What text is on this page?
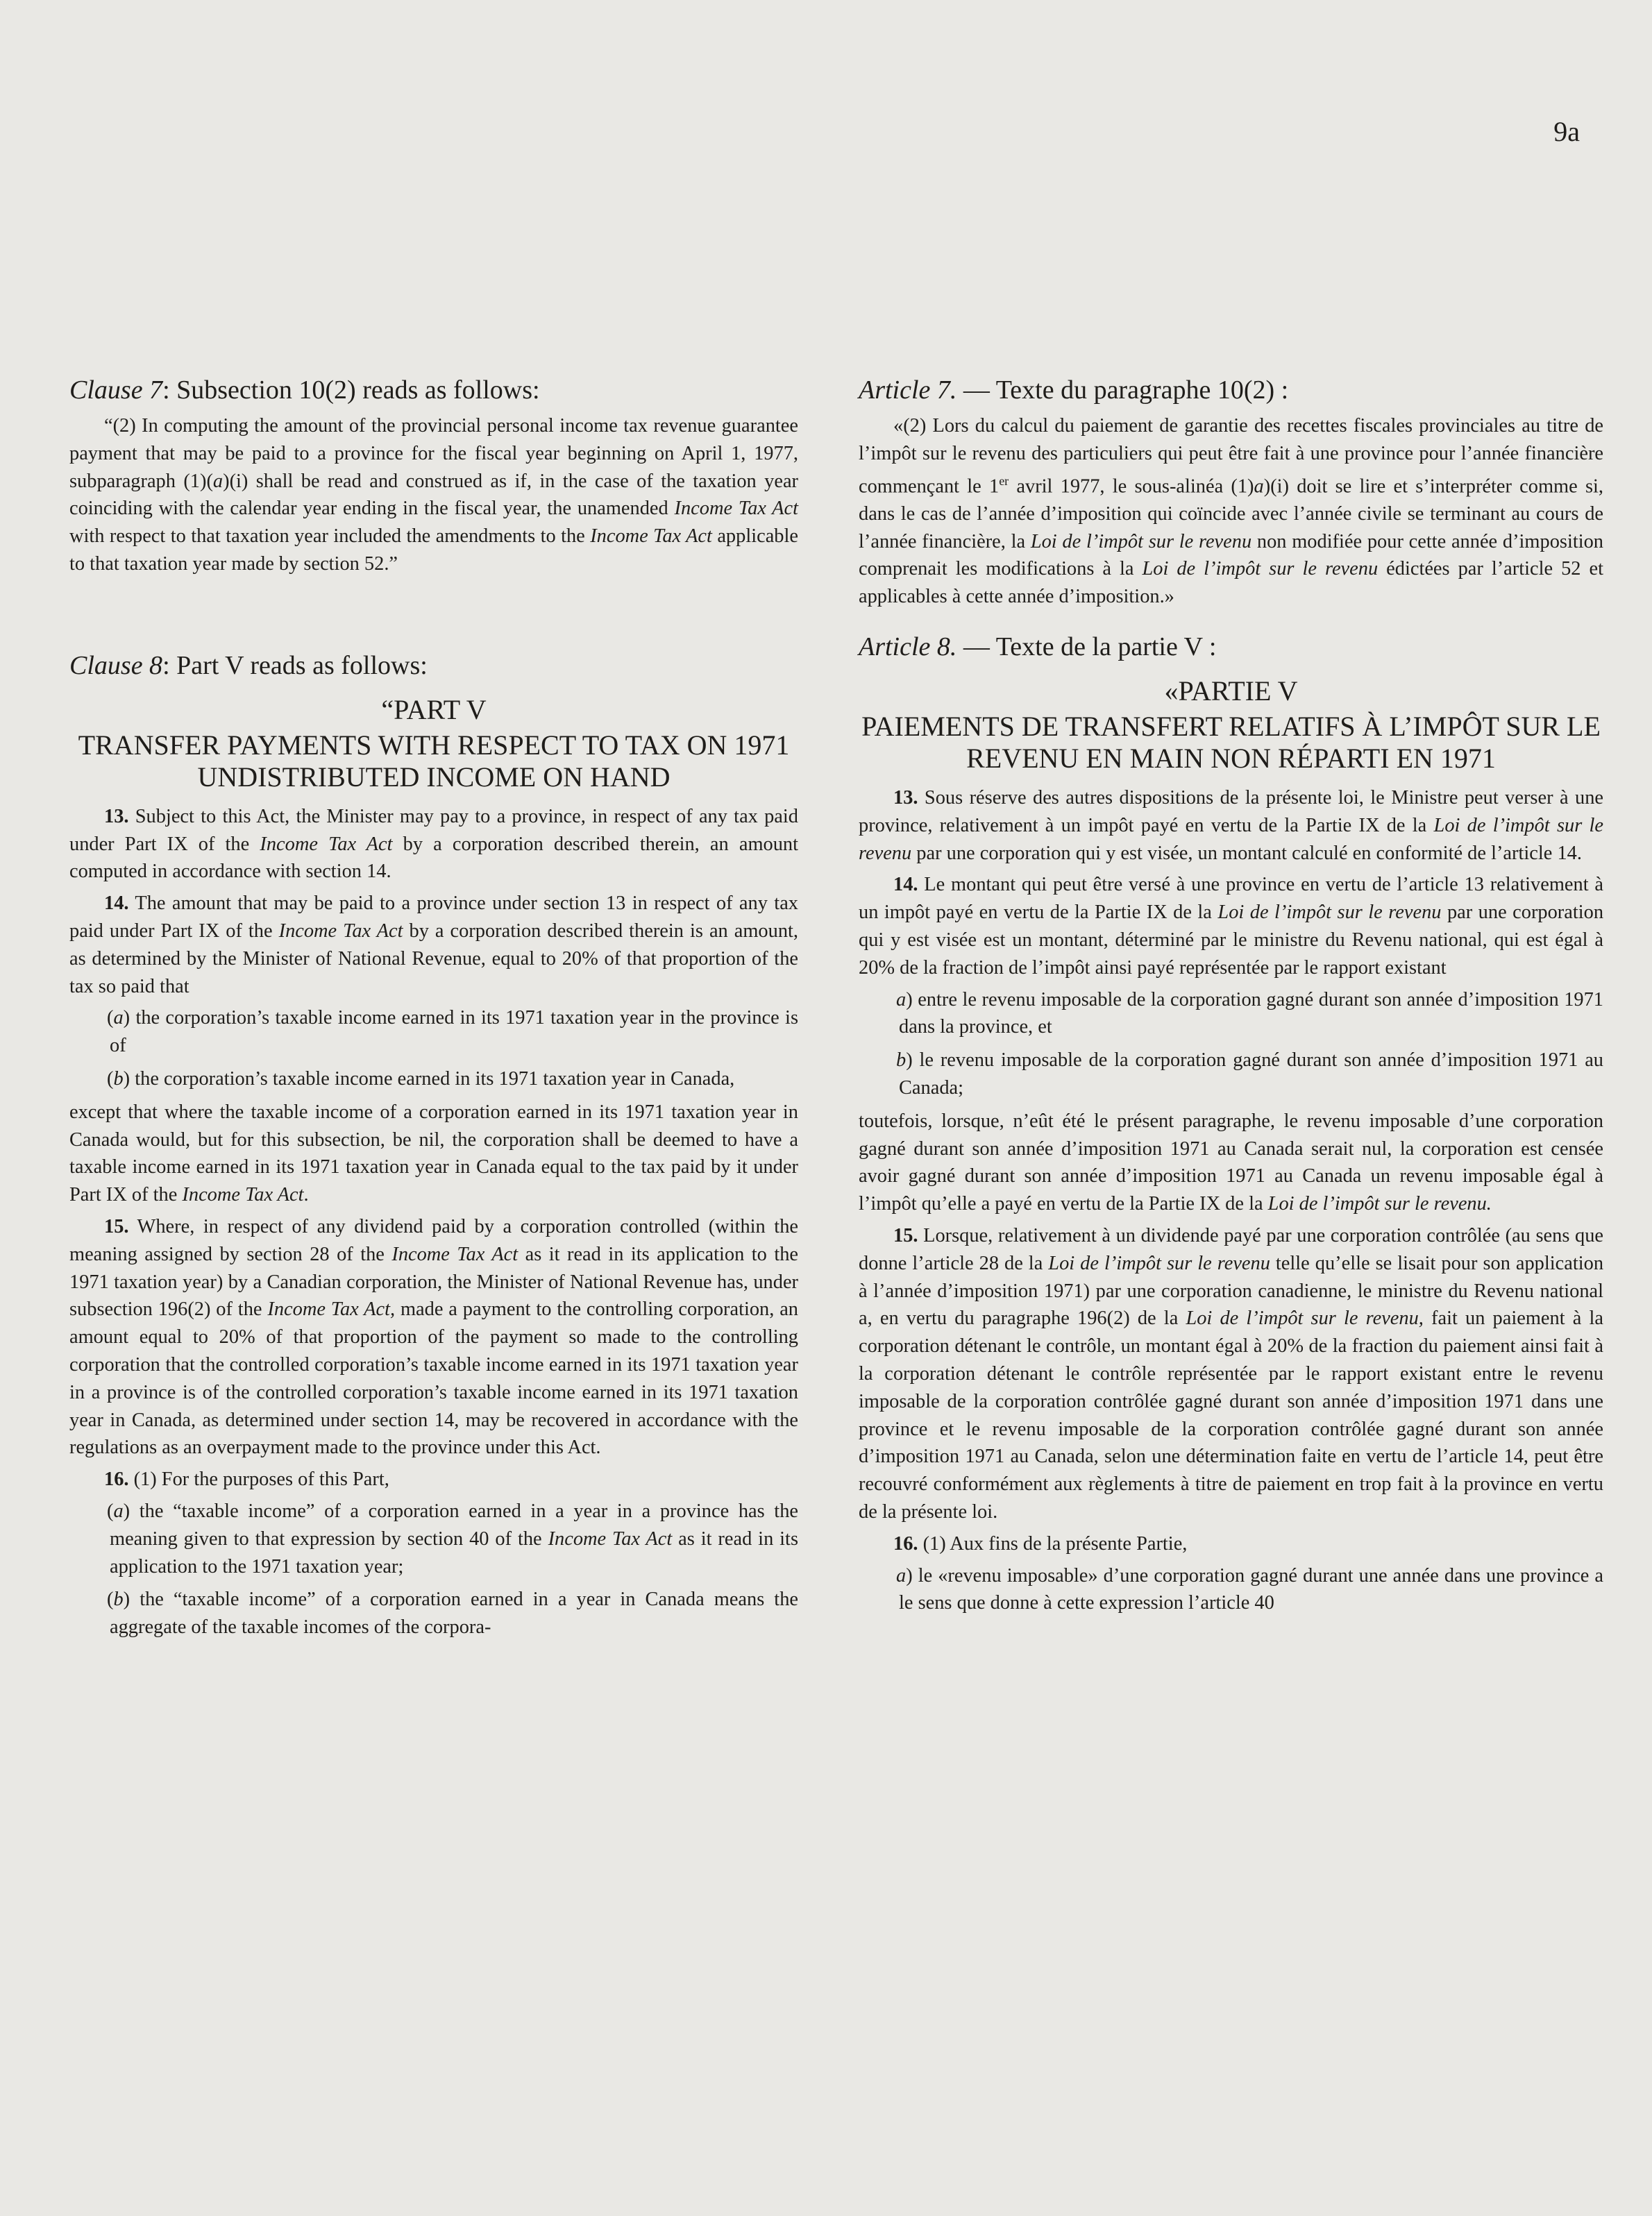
9a
Clause 7: Subsection 10(2) reads as follows:

“(2) In computing the amount of the provincial personal income tax revenue guarantee payment that may be paid to a province for the fiscal year beginning on April 1, 1977, subparagraph (1)(a)(i) shall be read and construed as if, in the case of the taxation year coinciding with the calendar year ending in the fiscal year, the unamended Income Tax Act with respect to that taxation year included the amendments to the Income Tax Act applicable to that taxation year made by section 52.”

Clause 8: Part V reads as follows:
“PART V
TRANSFER PAYMENTS WITH RESPECT TO TAX ON 1971 UNDISTRIBUTED INCOME ON HAND

13. Subject to this Act, the Minister may pay to a province, in respect of any tax paid under Part IX of the Income Tax Act by a corporation described therein, an amount computed in accordance with section 14.

14. The amount that may be paid to a province under section 13 in respect of any tax paid under Part IX of the Income Tax Act by a corporation described therein is an amount, as determined by the Minister of National Revenue, equal to 20% of that proportion of the tax so paid that

(a) the corporation’s taxable income earned in its 1971 taxation year in the province is of

(b) the corporation’s taxable income earned in its 1971 taxation year in Canada,

except that where the taxable income of a corporation earned in its 1971 taxation year in Canada would, but for this subsection, be nil, the corporation shall be deemed to have a taxable income earned in its 1971 taxation year in Canada equal to the tax paid by it under Part IX of the Income Tax Act.

15. Where, in respect of any dividend paid by a corporation controlled (within the meaning assigned by section 28 of the Income Tax Act as it read in its application to the 1971 taxation year) by a Canadian corporation, the Minister of National Revenue has, under subsection 196(2) of the Income Tax Act, made a payment to the controlling corporation, an amount equal to 20% of that proportion of the payment so made to the controlling corporation that the controlled corporation’s taxable income earned in its 1971 taxation year in a province is of the controlled corporation’s taxable income earned in its 1971 taxation year in Canada, as determined under section 14, may be recovered in accordance with the regulations as an overpayment made to the province under this Act.

16. (1) For the purposes of this Part,

(a) the “taxable income” of a corporation earned in a year in a province has the meaning given to that expression by section 40 of the Income Tax Act as it read in its application to the 1971 taxation year;

(b) the “taxable income” of a corporation earned in a year in Canada means the aggregate of the taxable incomes of the corpora-

Article 7. — Texte du paragraphe 10(2) :

«(2) Lors du calcul du paiement de garantie des recettes fiscales provinciales au titre de l’impôt sur le revenu des particuliers qui peut être fait à une province pour l’année financière commençant le 1er avril 1977, le sous-alinéa (1)a)(i) doit se lire et s’interpréter comme si, dans le cas de l’année d’imposition qui coïncide avec l’année civile se terminant au cours de l’année financière, la Loi de l’impôt sur le revenu non modifiée pour cette année d’imposition comprenait les modifications à la Loi de l’impôt sur le revenu édictées par l’article 52 et applicables à cette année d’imposition.»

Article 8. — Texte de la partie V :
«PARTIE V
PAIEMENTS DE TRANSFERT RELATIFS À L’IMPÔT SUR LE REVENU EN MAIN NON RÉPARTI EN 1971

13. Sous réserve des autres dispositions de la présente loi, le Ministre peut verser à une province, relativement à un impôt payé en vertu de la Partie IX de la Loi de l’impôt sur le revenu par une corporation qui y est visée, un montant calculé en conformité de l’article 14.

14. Le montant qui peut être versé à une province en vertu de l’article 13 relativement à un impôt payé en vertu de la Partie IX de la Loi de l’impôt sur le revenu par une corporation qui y est visée est un montant, déterminé par le ministre du Revenu national, qui est égal à 20% de la fraction de l’impôt ainsi payé représentée par le rapport existant

a) entre le revenu imposable de la corporation gagné durant son année d’imposition 1971 dans la province, et

b) le revenu imposable de la corporation gagné durant son année d’imposition 1971 au Canada;

toutefois, lorsque, n’eût été le présent paragraphe, le revenu imposable d’une corporation gagné durant son année d’imposition 1971 au Canada serait nul, la corporation est censée avoir gagné durant son année d’imposition 1971 au Canada un revenu imposable égal à l’impôt qu’elle a payé en vertu de la Partie IX de la Loi de l’impôt sur le revenu.

15. Lorsque, relativement à un dividende payé par une corporation contrôlée (au sens que donne l’article 28 de la Loi de l’impôt sur le revenu telle qu’elle se lisait pour son application à l’année d’imposition 1971) par une corporation canadienne, le ministre du Revenu national a, en vertu du paragraphe 196(2) de la Loi de l’impôt sur le revenu, fait un paiement à la corporation détenant le contrôle, un montant égal à 20% de la fraction du paiement ainsi fait à la corporation détenant le contrôle représentée par le rapport existant entre le revenu imposable de la corporation contrôlée gagné durant son année d’imposition 1971 dans une province et le revenu imposable de la corporation contrôlée gagné durant son année d’imposition 1971 au Canada, selon une détermination faite en vertu de l’article 14, peut être recouvré conformément aux règlements à titre de paiement en trop fait à la province en vertu de la présente loi.

16. (1) Aux fins de la présente Partie,

a) le «revenu imposable» d’une corporation gagné durant une année dans une province a le sens que donne à cette expression l’article 40
